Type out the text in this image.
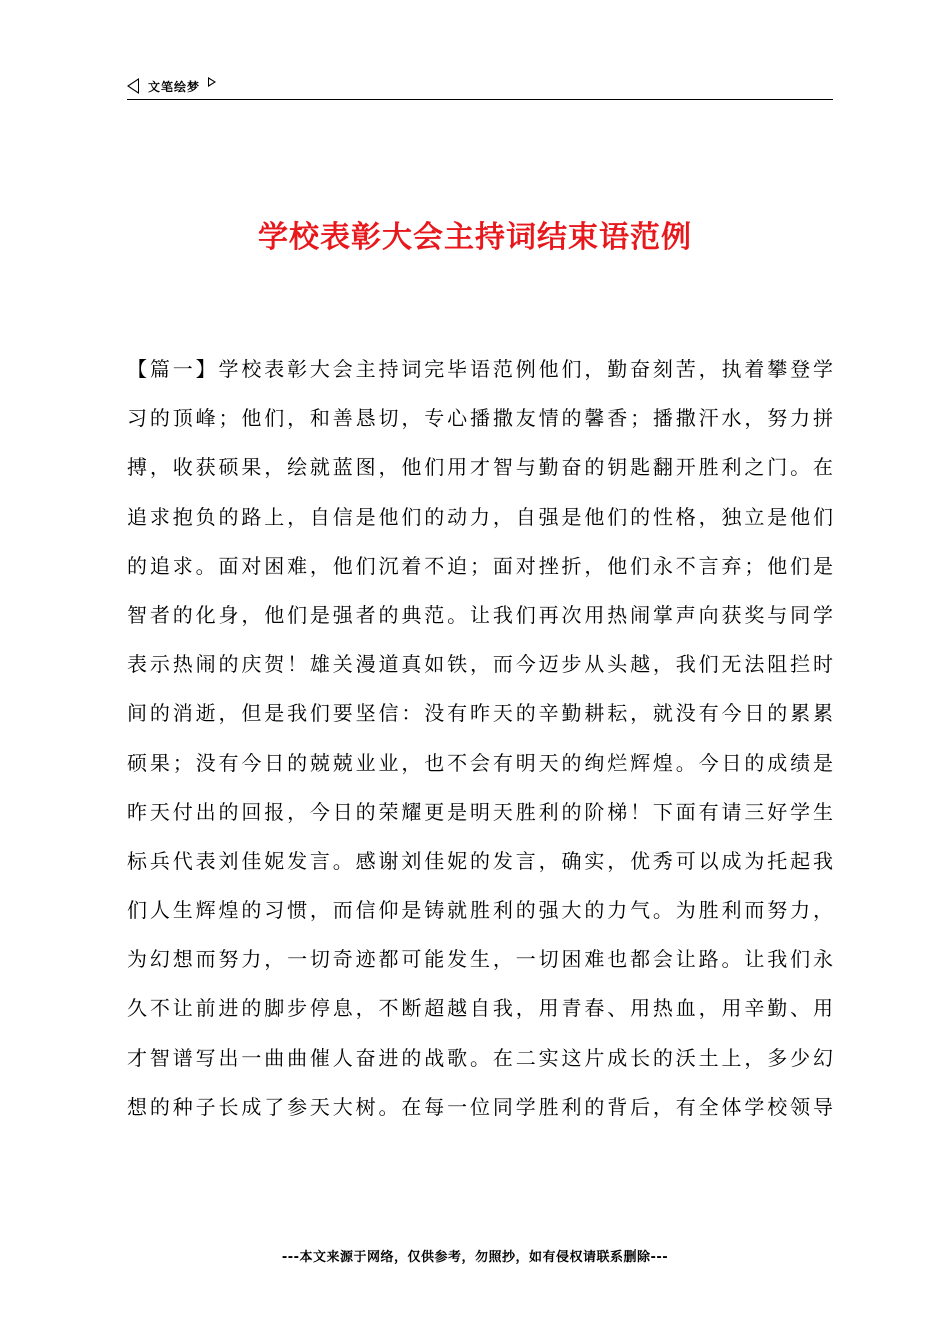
文笔绘梦
学校表彰大会主持词结束语范例
【篇一】学校表彰大会主持词完毕语范例他们，勤奋刻苦，执着攀登学
习的顶峰；他们，和善恳切，专心播撒友情的馨香；播撒汗水，努力拼
搏，收获硕果，绘就蓝图，他们用才智与勤奋的钥匙翻开胜利之门。在
追求抱负的路上，自信是他们的动力，自强是他们的性格，独立是他们
的追求。面对困难，他们沉着不迫；面对挫折，他们永不言弃；他们是
智者的化身，他们是强者的典范。让我们再次用热闹掌声向获奖与同学
表示热闹的庆贺！雄关漫道真如铁，而今迈步从头越，我们无法阻拦时
间的消逝，但是我们要坚信：没有昨天的辛勤耕耘，就没有今日的累累
硕果；没有今日的兢兢业业，也不会有明天的绚烂辉煌。今日的成绩是
昨天付出的回报，今日的荣耀更是明天胜利的阶梯！下面有请三好学生
标兵代表刘佳妮发言。感谢刘佳妮的发言，确实，优秀可以成为托起我
们人生辉煌的习惯，而信仰是铸就胜利的强大的力气。为胜利而努力，
为幻想而努力，一切奇迹都可能发生，一切困难也都会让路。让我们永
久不让前进的脚步停息，不断超越自我，用青春、用热血，用辛勤、用
才智谱写出一曲曲催人奋进的战歌。在二实这片成长的沃土上，多少幻
想的种子长成了参天大树。在每一位同学胜利的背后，有全体学校领导
---本文来源于网络，仅供参考，勿照抄，如有侵权请联系删除---
